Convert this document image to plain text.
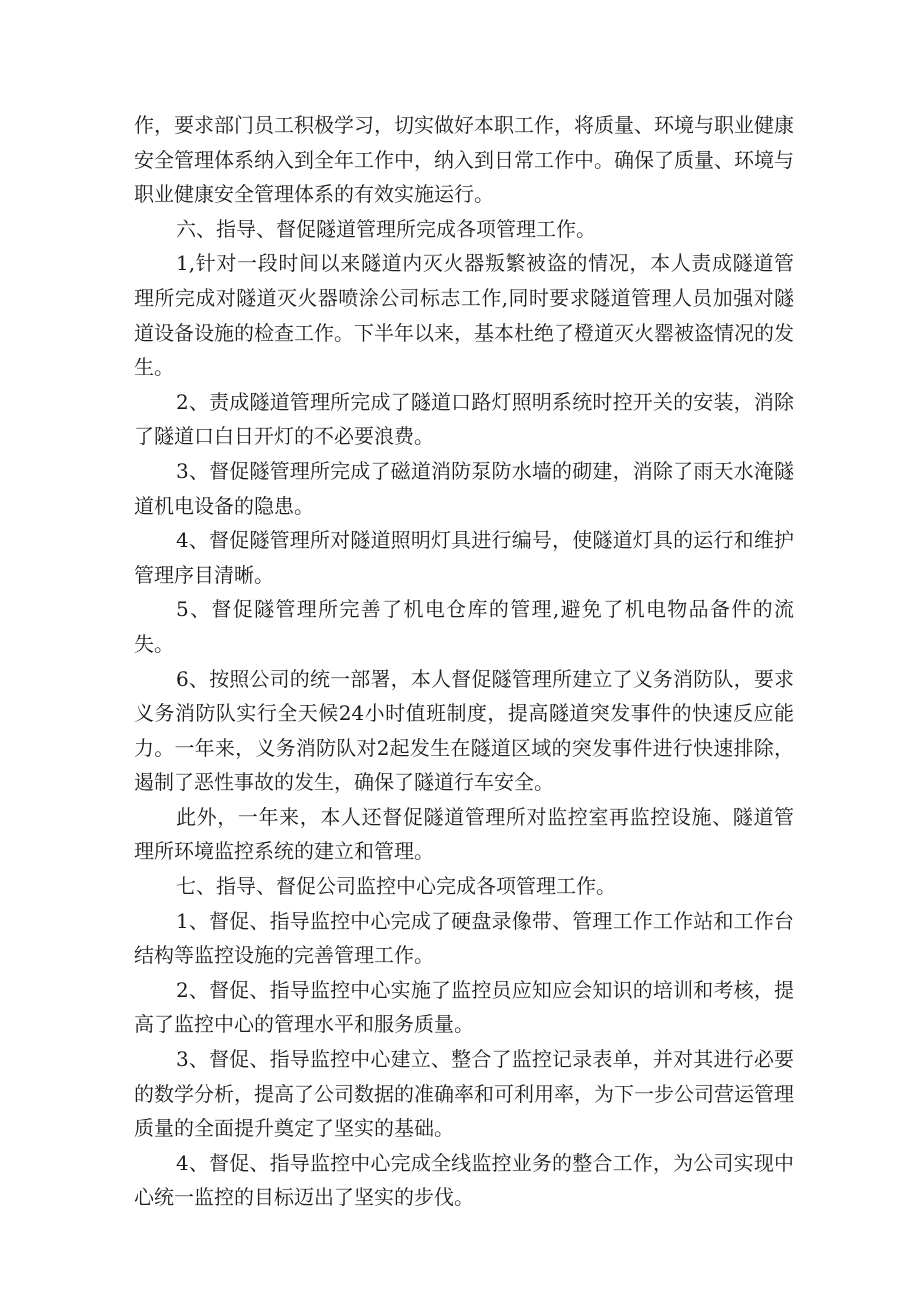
作，要求部门员工积极学习，切实做好本职工作，将质量、环境与职业健康安全管理体系纳入到全年工作中，纳入到日常工作中。确保了质量、环境与职业健康安全管理体系的有效实施运行。

六、指导、督促隧道管理所完成各项管理工作。

1,针对一段时间以来隧道内灭火器叛繁被盗的情况，本人责成隧道管理所完成对隧道灭火器喷涂公司标志工作,同时要求隧道管理人员加强对隧道设备设施的检查工作。下半年以来，基本杜绝了橙道灭火罂被盗情况的发生。

2、责成隧道管理所完成了隧道口路灯照明系统时控开关的安装，消除了隧道口白日开灯的不必要浪费。

3、督促隧管理所完成了磁道消防泵防水墙的砌建，消除了雨天水淹隧道机电设备的隐患。

4、督促隧管理所对隧道照明灯具进行编号，使隧道灯具的运行和维护管理序目清晰。

5、督促隧管理所完善了机电仓库的管理,避免了机电物品备件的流失。

6、按照公司的统一部署，本人督促隧管理所建立了义务消防队，要求义务消防队实行全天候24小时值班制度，提高隧道突发事件的快速反应能力。一年来，义务消防队对2起发生在隧道区域的突发事件进行快速排除，遏制了恶性事故的发生，确保了隧道行车安全。

此外，一年来，本人还督促隧道管理所对监控室再监控设施、隧道管理所环境监控系统的建立和管理。

七、指导、督促公司监控中心完成各项管理工作。

1、督促、指导监控中心完成了硬盘录像带、管理工作工作站和工作台结构等监控设施的完善管理工作。

2、督促、指导监控中心实施了监控员应知应会知识的培训和考核，提高了监控中心的管理水平和服务质量。

3、督促、指导监控中心建立、整合了监控记录表单，并对其进行必要的数学分析，提高了公司数据的准确率和可利用率，为下一步公司营运管理质量的全面提升奠定了坚实的基础。

4、督促、指导监控中心完成全线监控业务的整合工作，为公司实现中心统一监控的目标迈出了坚实的步伐。
